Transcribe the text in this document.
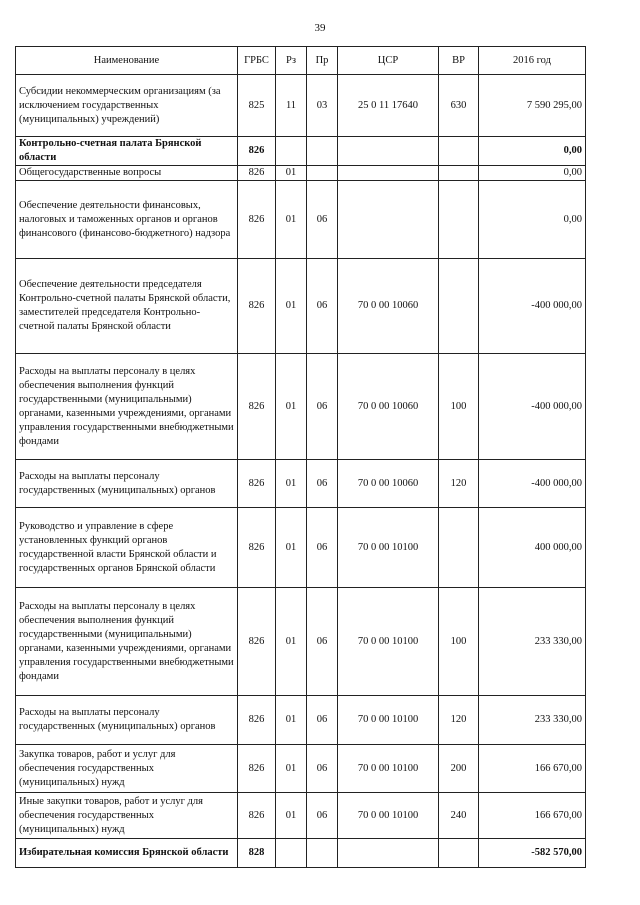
39
Наименование	ГРБС	Рз	Пр	ЦСР	ВР	2016 год
Субсидии некоммерческим организациям (за исключением государственных (муниципальных) учреждений)	825	11	03	25 0 11 17640	630	7 590 295,00
Контрольно-счетная палата Брянской области	826					0,00
Общегосударственные вопросы	826	01				0,00
Обеспечение деятельности финансовых, налоговых и таможенных органов и органов финансового (финансово-бюджетного) надзора	826	01	06			0,00
Обеспечение деятельности председателя Контрольно-счетной палаты Брянской области, заместителей председателя Контрольно-счетной палаты Брянской области	826	01	06	70 0 00 10060		-400 000,00
Расходы на выплаты персоналу в целях обеспечения выполнения функций государственными (муниципальными) органами, казенными учреждениями, органами управления государственными внебюджетными фондами	826	01	06	70 0 00 10060	100	-400 000,00
Расходы на выплаты персоналу государственных (муниципальных) органов	826	01	06	70 0 00 10060	120	-400 000,00
Руководство и управление в сфере установленных функций органов государственной власти Брянской области и государственных органов Брянской области	826	01	06	70 0 00 10100		400 000,00
Расходы на выплаты персоналу в целях обеспечения выполнения функций государственными (муниципальными) органами, казенными учреждениями, органами управления государственными внебюджетными фондами	826	01	06	70 0 00 10100	100	233 330,00
Расходы на выплаты персоналу государственных (муниципальных) органов	826	01	06	70 0 00 10100	120	233 330,00
Закупка товаров, работ и услуг для обеспечения государственных (муниципальных) нужд	826	01	06	70 0 00 10100	200	166 670,00
Иные закупки товаров, работ и услуг для обеспечения государственных (муниципальных) нужд	826	01	06	70 0 00 10100	240	166 670,00
Избирательная комиссия Брянской области	828					-582 570,00
